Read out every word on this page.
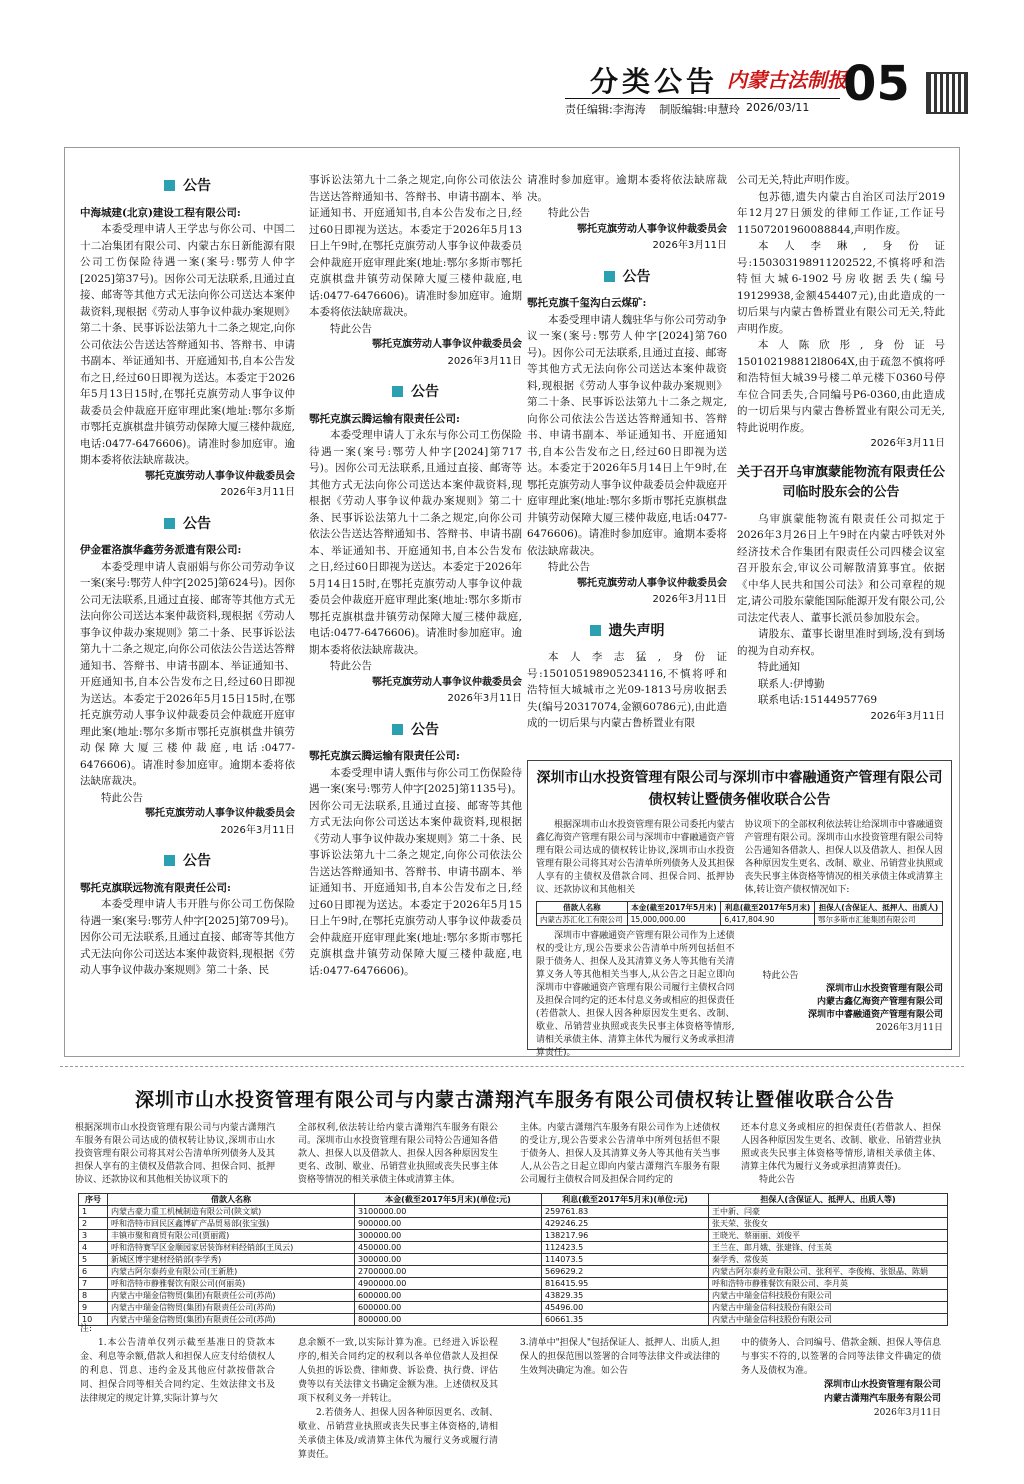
分类公告 内蒙古法制报
05
责任编辑:李海涛 制版编辑:申慧玲 2026/03/11
公告

中海城建(北京)建设工程有限公司:

本委受理申请人王学忠与你公司、中国二十二冶集团有限公司、内蒙古东日新能源有限公司工伤保险待遇一案(案号:鄂劳人仲字[2025]第37号)。因你公司无法联系,且通过直接、邮寄等其他方式无法向你公司送达本案仲裁资料,现根据《劳动人事争议仲裁办案规则》第二十条、民事诉讼法第九十二条之规定,向你公司依法公告送达答辩通知书、答辩书、申请书副本、举证通知书、开庭通知书,自本公告发布之日,经过60日即视为送达。本委定于2026年5月13日15时,在鄂托克旗劳动人事争议仲裁委员会仲裁庭开庭审理此案(地址:鄂尔多斯市鄂托克旗棋盘井镇劳动保障大厦三楼仲裁庭,电话:0477-6476606)。请准时参加庭审。逾期本委将依法缺席裁决。

鄂托克旗劳动人事争议仲裁委员会

2026年3月11日

公告

伊金霍洛旗华鑫劳务派遣有限公司:

本委受理申请人袁丽娟与你公司劳动争议一案(案号:鄂劳人仲字[2025]第624号)。因你公司无法联系,且通过直接、邮寄等其他方式无法向你公司送达本案仲裁资料,现根据《劳动人事争议仲裁办案规则》第二十条、民事诉讼法第九十二条之规定,向你公司依法公告送达答辩通知书、答辩书、申请书副本、举证通知书、开庭通知书,自本公告发布之日,经过60日即视为送达。本委定于2026年5月15日15时,在鄂托克旗劳动人事争议仲裁委员会仲裁庭开庭审理此案(地址:鄂尔多斯市鄂托克旗棋盘井镇劳动保障大厦三楼仲裁庭,电话:0477-6476606)。请准时参加庭审。逾期本委将依法缺席裁决。

特此公告

鄂托克旗劳动人事争议仲裁委员会

2026年3月11日

公告

鄂托克旗联远物流有限责任公司:

本委受理申请人韦开胜与你公司工伤保险待遇一案(案号:鄂劳人仲字[2025]第709号)。因你公司无法联系,且通过直接、邮寄等其他方式无法向你公司送达本案仲裁资料,现根据《劳动人事争议仲裁办案规则》第二十条、民

事诉讼法第九十二条之规定,向你公司依法公告送达答辩通知书、答辩书、申请书副本、举证通知书、开庭通知书,自本公告发布之日,经过60日即视为送达。本委定于2026年5月13日上午9时,在鄂托克旗劳动人事争议仲裁委员会仲裁庭开庭审理此案(地址:鄂尔多斯市鄂托克旗棋盘井镇劳动保障大厦三楼仲裁庭,电话:0477-6476606)。请准时参加庭审。逾期本委将依法缺席裁决。

特此公告

鄂托克旗劳动人事争议仲裁委员会

2026年3月11日

公告

鄂托克旗云腾运输有限责任公司:

本委受理申请人丁永东与你公司工伤保险待遇一案(案号:鄂劳人仲字[2024]第717号)。因你公司无法联系,且通过直接、邮寄等其他方式无法向你公司送达本案仲裁资料,现根据《劳动人事争议仲裁办案规则》第二十条、民事诉讼法第九十二条之规定,向你公司依法公告送达答辩通知书、答辩书、申请书副本、举证通知书、开庭通知书,自本公告发布之日,经过60日即视为送达。本委定于2026年5月14日15时,在鄂托克旗劳动人事争议仲裁委员会仲裁庭开庭审理此案(地址:鄂尔多斯市鄂托克旗棋盘井镇劳动保障大厦三楼仲裁庭,电话:0477-6476606)。请准时参加庭审。逾期本委将依法缺席裁决。

特此公告

鄂托克旗劳动人事争议仲裁委员会

2026年3月11日

公告

鄂托克旗云腾运输有限责任公司:

本委受理申请人甄伟与你公司工伤保险待遇一案(案号:鄂劳人仲字[2025]第1135号)。因你公司无法联系,且通过直接、邮寄等其他方式无法向你公司送达本案仲裁资料,现根据《劳动人事争议仲裁办案规则》第二十条、民事诉讼法第九十二条之规定,向你公司依法公告送达答辩通知书、答辩书、申请书副本、举证通知书、开庭通知书,自本公告发布之日,经过60日即视为送达。本委定于2026年5月15日上午9时,在鄂托克旗劳动人事争议仲裁委员会仲裁庭开庭审理此案(地址:鄂尔多斯市鄂托克旗棋盘井镇劳动保障大厦三楼仲裁庭,电话:0477-6476606)。

请准时参加庭审。逾期本委将依法缺席裁决。

特此公告

鄂托克旗劳动人事争议仲裁委员会

2026年3月11日

公告

鄂托克旗千玺沟白云煤矿:

本委受理申请人魏驻华与你公司劳动争议一案(案号:鄂劳人仲字[2024]第760号)。因你公司无法联系,且通过直接、邮寄等其他方式无法向你公司送达本案仲裁资料,现根据《劳动人事争议仲裁办案规则》第二十条、民事诉讼法第九十二条之规定,向你公司依法公告送达答辩通知书、答辩书、申请书副本、举证通知书、开庭通知书,自本公告发布之日,经过60日即视为送达。本委定于2026年5月14日上午9时,在鄂托克旗劳动人事争议仲裁委员会仲裁庭开庭审理此案(地址:鄂尔多斯市鄂托克旗棋盘井镇劳动保障大厦三楼仲裁庭,电话:0477-6476606)。请准时参加庭审。逾期本委将依法缺席裁决。

特此公告

鄂托克旗劳动人事争议仲裁委员会

2026年3月11日

遗失声明

本人李志猛,身份证号:150105198905234116,不慎将呼和浩特恒大城城市之光09-1813号房收据丢失(编号20317074,金额60786元),由此造成的一切后果与内蒙古鲁桥置业有限

公司无关,特此声明作废。

包苏德,遗失内蒙古自治区司法厅2019年12月27日颁发的律师工作证,工作证号11507201960088844,声明作废。

本人李琳,身份证号:150303198911202522,不慎将呼和浩特恒大城6-1902号房收据丢失(编号19129938,金额454407元),由此造成的一切后果与内蒙古鲁桥置业有限公司无关,特此声明作废。

本人陈欣彤,身份证号150102198812l8064X,由于疏忽不慎将呼和浩特恒大城39号楼二单元楼下0360号停车位合同丢失,合同编号P6-0360,由此造成的一切后果与内蒙古鲁桥置业有限公司无关,特此说明作废。

2026年3月11日

关于召开乌审旗蒙能物流有限责任公司临时股东会的公告

乌审旗蒙能物流有限责任公司拟定于2026年3月26日上午9时在内蒙古呼铁对外经济技术合作集团有限责任公司四楼会议室召开股东会,审议公司解散清算事宜。依据《中华人民共和国公司法》和公司章程的规定,请公司股东蒙能国际能源开发有限公司,公司法定代表人、董事长派员参加股东会。

请股东、董事长谢里准时到场,没有到场的视为自动弃权。

特此通知

联系人:伊博勤

联系电话:15144957769

2026年3月11日

深圳市山水投资管理有限公司与深圳市中睿融通资产管理有限公司债权转让暨债务催收联合公告
根据深圳市山水投资管理有限公司委托内蒙古鑫亿海资产管理有限公司与深圳市中睿融通资产管理有限公司达成的债权转让协议,深圳市山水投资管理有限公司将其对公告清单所列债务人及其担保人享有的主债权及借款合同、担保合同、抵押协议、还款协议和其他相关
协议项下的全部权利依法转让给深圳市中睿融通资产管理有限公司。深圳市山水投资管理有限公司特公告通知各借款人、担保人以及借款人、担保人因各种原因发生更名、改制、歇业、吊销营业执照或丧失民事主体资格等情况的相关承债主体或清算主体,转让资产债权情况如下:
借款人名称	本金(截至2017年5月末)	利息(截至2017年5月末)	担保人(含保证人、抵押人、出质人)
内蒙古苏汇化工有限公司	15,000,000.00	6,417,804.90	鄂尔多斯市汇能集团有限公司
深圳市中睿融通资产管理有限公司作为上述债权的受让方,现公告要求公告清单中所列包括但不限于债务人、担保人及其清算义务人等其他有关清算义务人等其他相关当事人,从公告之日起立即向深圳市中睿融通资产管理有限公司履行主债权合同及担保合同约定的还本付息义务或相应的担保责任(若借款人、担保人因各种原因发生更名、改制、歇业、吊销营业执照或丧失民事主体资格等情形,请相关承债主体、清算主体代为履行义务或承担清算责任)。
特此公告
深圳市山水投资管理有限公司
内蒙古鑫亿海资产管理有限公司
深圳市中睿融通资产管理有限公司
2026年3月11日
深圳市山水投资管理有限公司与内蒙古潇翔汽车服务有限公司债权转让暨催收联合公告
根据深圳市山水投资管理有限公司与内蒙古潇翔汽车服务有限公司达成的债权转让协议,深圳市山水投资管理有限公司将其对公告清单所列债务人及其担保人享有的主债权及借款合同、担保合同、抵押协议、还款协议和其他相关协议项下的
全部权利,依法转让给内蒙古潇翔汽车服务有限公司。深圳市山水投资管理有限公司特公告通知各借款人、担保人以及借款人、担保人因各种原因发生更名、改制、歇业、吊销营业执照或丧失民事主体资格等情况的相关承债主体或清算主体。
主体。内蒙古潇翔汽车服务有限公司作为上述债权的受让方,现公告要求公告清单中所列包括但不限于债务人、担保人及其清算义务人等其他有关当事人,从公告之日起立即向内蒙古潇翔汽车服务有限公司履行主债权合同及担保合同约定的
还本付息义务或相应的担保责任(若借款人、担保人因各种原因发生更名、改制、歇业、吊销营业执照或丧失民事主体资格等情形,请相关承债主体、清算主体代为履行义务或承担清算责任)。
特此公告
序号	借款人名称	本金(截至2017年5月末)(单位:元)	利息(截至2017年5月末)(单位:元)	担保人(含保证人、抵押人、出质人等)
1	内蒙古豪力重工机械制造有限公司(陕文斌)	3100000.00	259761.83	王中新、闫豪
2	呼和浩特市回民区鑫博矿产品贸易部(张宝强)	900000.00	429246.25	张天荣、张俊女
3	丰镇市聚和商贸有限公司(贾丽霞)	300000.00	138217.96	王晓光、蔡丽丽、刘俊平
4	呼和浩特赛罕区金顺园家居装饰材料经销部(王凤云)	450000.00	112423.5	王兰在、郎月娥、张建锋、付玉英
5	新城区博宇建材经销部(李学秀)	300000.00	114073.5	秦学秀、常俊英
6	内蒙古阿尔泰药业有限公司(王新胜)	2700000.00	569629.2	内蒙古阿尔泰药业有限公司、张利平、李俊梅、张银晶、陈娟
7	呼和浩特市静雅餐饮有限公司(何丽英)	4900000.00	816415.95	呼和浩特市静雅餐饮有限公司、李月英
8	内蒙古中瑞金信物贸(集团)有限责任公司(苏尚)	600000.00	43829.35	内蒙古中瑞金信科技股份有限公司
9	内蒙古中瑞金信物贸(集团)有限责任公司(苏尚)	600000.00	45496.00	内蒙古中瑞金信科技股份有限公司
10	内蒙古中瑞金信物贸(集团)有限责任公司(苏尚)	800000.00	60661.35	内蒙古中瑞金信科技股份有限公司
注:
1.本公告清单仅列示截至基准日的贷款本金、利息等余额,借款人和担保人应支付给债权人的利息、罚息、违约金及其他应付款按借款合同、担保合同等相关合同约定、生效法律文书及法律规定的规定计算,实际计算与欠
息余额不一致,以实际计算为准。已经进入诉讼程序的,相关合同约定的权利以各单位借款人及担保人负担的诉讼费、律师费、诉讼费、执行费、评估费等以有关法律文书确定金额为准。上述债权及其项下权利义务一并转让。
2.若债务人、担保人因各种原因更名、改制、歇业、吊销营业执照或丧失民事主体资格的,请相关承债主体及/或清算主体代为履行义务或履行清算责任。
3.清单中"担保人"包括保证人、抵押人、出质人,担保人的担保范围以签署的合同等法律文件或法律的生效判决确定为准。如公告
中的债务人、合同编号、借款金额、担保人等信息与事实不符的,以签署的合同等法律文件确定的债务人及债权为准。
深圳市山水投资管理有限公司
内蒙古潇翔汽车服务有限公司
2026年3月11日
